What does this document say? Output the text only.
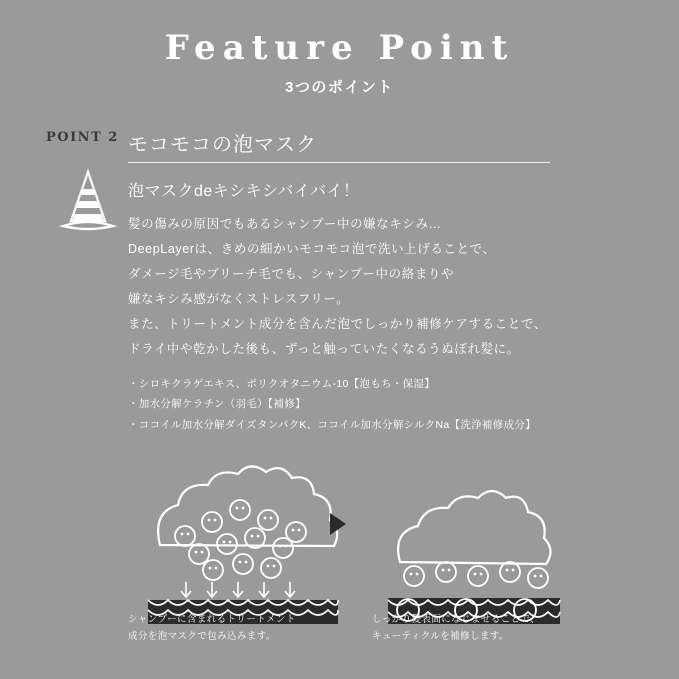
Feature Point
3つのポイント
POINT 2 モコモコの泡マスク
泡マスクdeキシキシバイバイ！
髪の傷みの原因でもあるシャンプー中の嫌なキシみ…
DeepLayerは、きめの細かいモコモコ泡で洗い上げることで、
ダメージ毛やブリーチ毛でも、シャンプー中の絡まりや
嫌なキシみ感がなくストレスフリー。
また、トリートメント成分を含んだ泡でしっかり補修ケアすることで、
ドライ中や乾かした後も、ずっと触っていたくなるうぬぼれ髪に。
・シロキクラゲエキス、ポリクオタニウム-10【泡もち・保湿】
・加水分解ケラチン（羽毛）【補修】
・ココイル加水分解ダイズタンパクK、ココイル加水分解シルクNa【洗浄補修成分】
シャンプーに含まれるトリートメント
成分を泡マスクで包み込みます。
しっかり髪表面になじませることで、
キューティクルを補修します。
